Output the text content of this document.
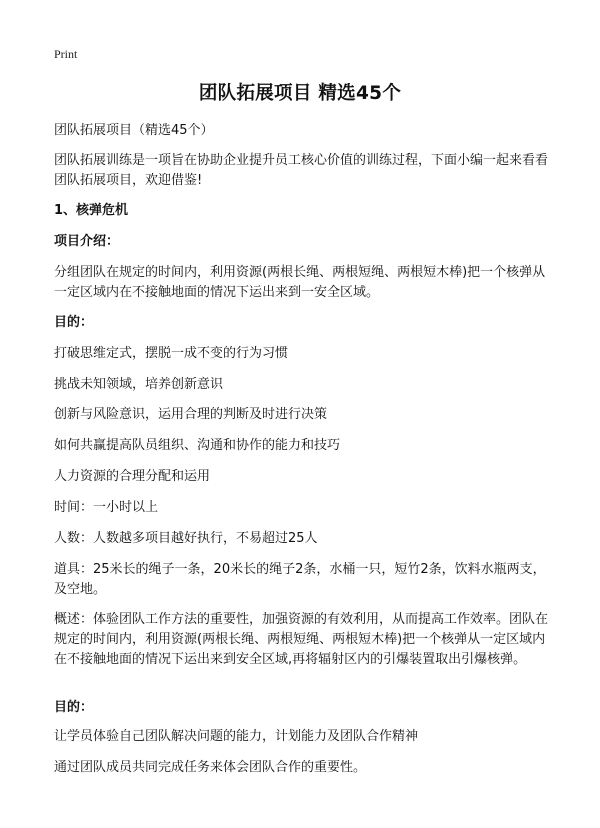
Print
团队拓展项目 精选45个
团队拓展项目（精选45个）
团队拓展训练是一项旨在协助企业提升员工核心价值的训练过程，下面小编一起来看看团队拓展项目，欢迎借鉴!
1、核弹危机
项目介绍：
分组团队在规定的时间内，利用资源(两根长绳、两根短绳、两根短木棒)把一个核弹从一定区域内在不接触地面的情况下运出来到一安全区域。
目的：
打破思维定式，摆脱一成不变的行为习惯
挑战未知领域，培养创新意识
创新与风险意识，运用合理的判断及时进行决策
如何共赢提高队员组织、沟通和协作的能力和技巧
人力资源的合理分配和运用
时间：一小时以上
人数：人数越多项目越好执行，不易超过25人
道具：25米长的绳子一条，20米长的绳子2条，水桶一只，短竹2条，饮料水瓶两支，及空地。
概述：体验团队工作方法的重要性，加强资源的有效利用，从而提高工作效率。团队在规定的时间内，利用资源(两根长绳、两根短绳、两根短木棒)把一个核弹从一定区域内在不接触地面的情况下运出来到安全区域,再将辐射区内的引爆装置取出引爆核弹。
目的：
让学员体验自己团队解决问题的能力，计划能力及团队合作精神
通过团队成员共同完成任务来体会团队合作的重要性。
